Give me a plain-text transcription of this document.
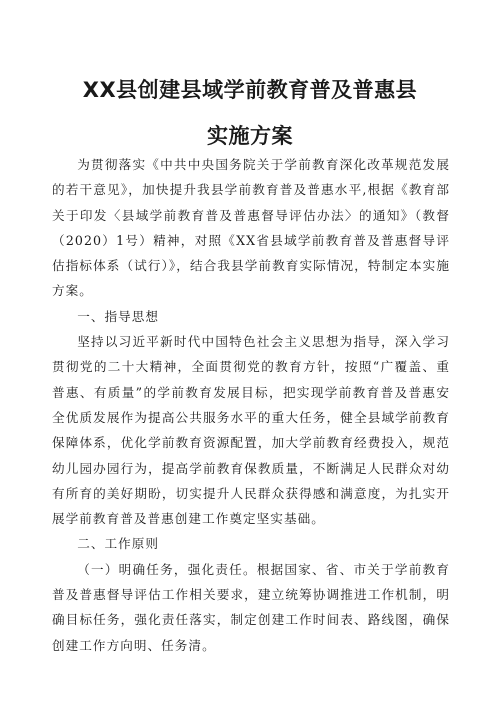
XX县创建县域学前教育普及普惠县
实施方案

为贯彻落实《中共中央国务院关于学前教育深化改革规范发展的若干意见》，加快提升我县学前教育普及普惠水平,根据《教育部关于印发〈县域学前教育普及普惠督导评估办法〉的通知》（教督（2020）1号）精神，对照《XX省县域学前教育普及普惠督导评估指标体系（试行）》，结合我县学前教育实际情况，特制定本实施方案。

一、指导思想

坚持以习近平新时代中国特色社会主义思想为指导，深入学习贯彻党的二十大精神，全面贯彻党的教育方针，按照“广覆盖、重普惠、有质量”的学前教育发展目标，把实现学前教育普及普惠安全优质发展作为提高公共服务水平的重大任务，健全县域学前教育保障体系，优化学前教育资源配置，加大学前教育经费投入，规范幼儿园办园行为，提高学前教育保教质量，不断满足人民群众对幼有所育的美好期盼，切实提升人民群众获得感和满意度，为扎实开展学前教育普及普惠创建工作奠定坚实基础。

二、工作原则

（一）明确任务，强化责任。根据国家、省、市关于学前教育普及普惠督导评估工作相关要求，建立统筹协调推进工作机制，明确目标任务，强化责任落实，制定创建工作时间表、路线图，确保创建工作方向明、任务清。
